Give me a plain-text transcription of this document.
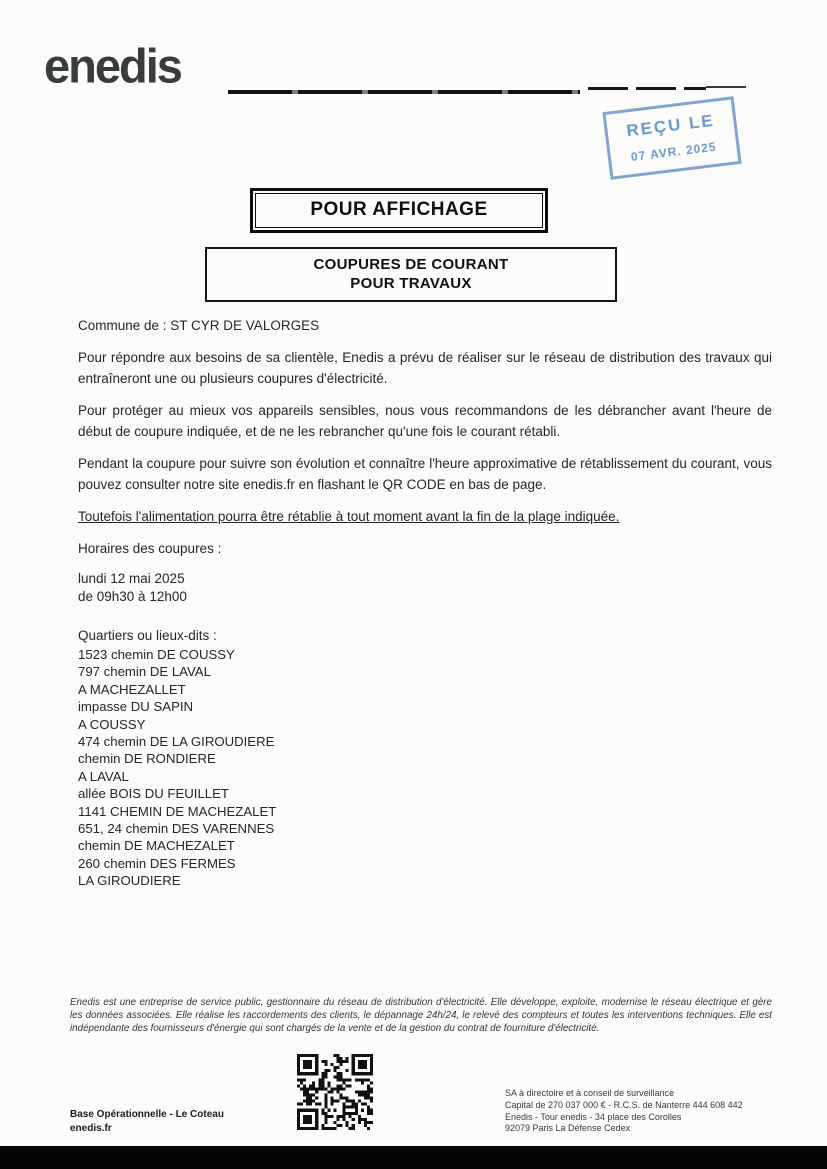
enedis
REÇU LE
07 AVR. 2025
POUR AFFICHAGE
COUPURES DE COURANT
POUR TRAVAUX

Commune de : ST CYR DE VALORGES

Pour répondre aux besoins de sa clientèle, Enedis a prévu de réaliser sur le réseau de distribution des travaux qui entraîneront une ou plusieurs coupures d'électricité.

Pour protéger au mieux vos appareils sensibles, nous vous recommandons de les débrancher avant l'heure de début de coupure indiquée, et de ne les rebrancher qu'une fois le courant rétabli.

Pendant la coupure pour suivre son évolution et connaître l'heure approximative de rétablissement du courant, vous pouvez consulter notre site enedis.fr en flashant le QR CODE en bas de page.

Toutefois l'alimentation pourra être rétablie à tout moment avant la fin de la plage indiquée.

Horaires des coupures :

lundi 12 mai 2025
de 09h30 à 12h00
Quartiers ou lieux-dits :
1523 chemin DE COUSSY
797 chemin DE LAVAL
A MACHEZALLET
impasse DU SAPIN
A COUSSY
474 chemin DE LA GIROUDIERE
chemin DE RONDIERE
A LAVAL
allée BOIS DU FEUILLET
1141 CHEMIN DE MACHEZALET
651, 24 chemin DES VARENNES
chemin DE MACHEZALET
260 chemin DES FERMES
LA GIROUDIERE
Enedis est une entreprise de service public, gestionnaire du réseau de distribution d'électricité. Elle développe, exploite, modernise le réseau électrique et gère les données associées. Elle réalise les raccordements des clients, le dépannage 24h/24, le relevé des compteurs et toutes les interventions techniques. Elle est indépendante des fournisseurs d'énergie qui sont chargés de la vente et de la gestion du contrat de fourniture d'électricité.
Base Opérationnelle - Le Coteau
enedis.fr
SA à directoire et à conseil de surveillance
Capital de 270 037 000 € - R.C.S. de Nanterre 444 608 442
Enedis - Tour enedis - 34 place des Corolles
92079 Paris La Défense Cedex
